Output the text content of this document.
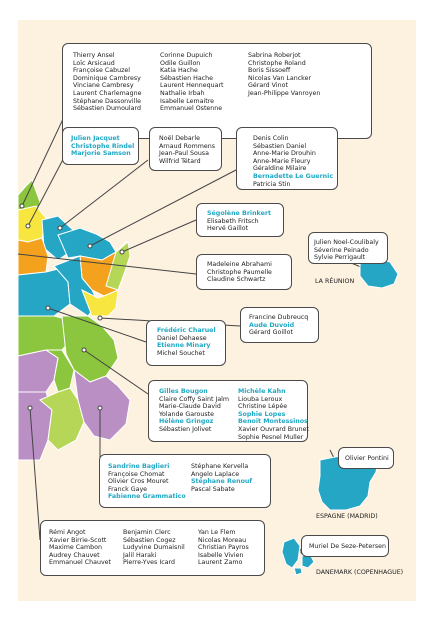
Thierry Ansel
Loïc Arsicaud
Françoise Cabuzel
Dominique Cambresy
Vinciane Cambresy
Laurent Charlemagne
Stéphane Dassonville
Sébastien Dumoulard
Corinne Dupuich
Odile Guillon
Katia Hache
Sébastien Hache
Laurent Hennequart
Nathalie Irbah
Isabelle Lemaitre
Emmanuel Ostenne
Sabrina Roberjot
Christophe Roland
Boris Sissoeff
Nicolas Van Lancker
Gérard Vinot
Jean-Philippe Vanroyen
Julien Jacquet
Christophe Rindel
Marjorie Samson
Noël Debarle
Arnaud Rommens
Jean-Paul Sousa
Wilfrid Tétard
Denis Colin
Sébastien Daniel
Anne-Marie Drouhin
Anne-Marie Fleury
Géraldine Milaire
Bernadette Le Guernic
Patricia Stin
Ségolène Brinkert
Elisabeth Fritsch
Hervé Gaillot
Madeleine Abrahami
Christophe Paumelle
Claudine Schwartz
Francine Dubreucq
Aude Duvoid
Gérard Goillot
Frédéric Charuel
Daniel Dehaese
Etienne Minary
Michel Souchet
Gilles Bougon
Claire Coffy Saint Jalm
Marie-Claude David
Yolande Garouste
Hélène Gringoz
Sébastien Jolivet
Michèle Kahn
Lioubа Leroux
Christine Lépée
Sophie Lopes
Benoit Montessinos
Xavier Ouvrard Brunet
Sophie Pesnel Muller
Sandrine Baglieri
Françoise Chomat
Olivier Cros Mouret
Franck Gaye
Fabienne Grammatico
Stéphane Kervella
Angelo Laplace
Stéphane Renouf
Pascal Sabate
Rémi Angot
Xavier Birrie-Scott
Maxime Cambon
Audrey Chauvet
Emmanuel Chauvet
Benjamin Clerc
Sébastien Cogez
Ludyvine Dumaisnil
Jalil Haraki
Pierre-Yves Icard
Yan Le Flem
Nicolas Moreau
Christian Payros
Isabelle Vivien
Laurent Zamo
Julien Noel-Coulibaly
Séverine Peinado
Sylvie Perrigault
LA RÉUNION
Olivier Pontini
ESPAGNE (MADRID)
Muriel De Seze-Petersen
DANEMARK (COPENHAGUE)
